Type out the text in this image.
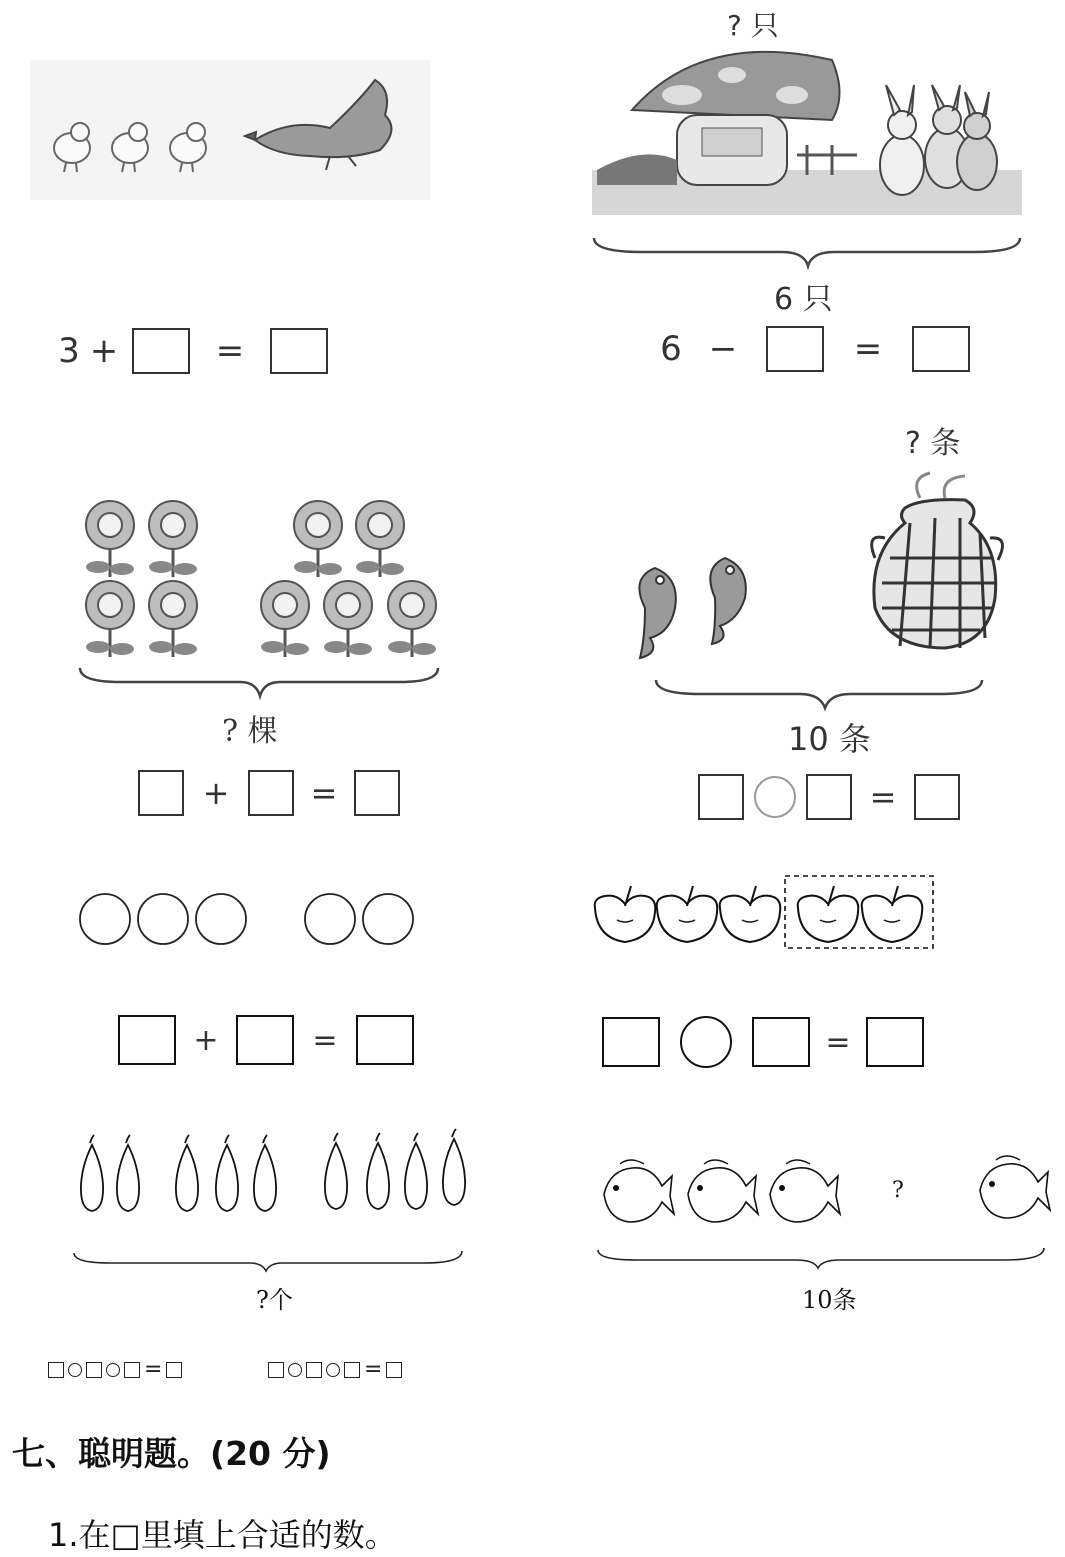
3 +	=
? 只
6 只
6 −	=
? 棵
+	=
? 条
10 条
=
+	=	=
?个
?
10条
=	=
七、聪明题。(20 分)
1.在□里填上合适的数。
